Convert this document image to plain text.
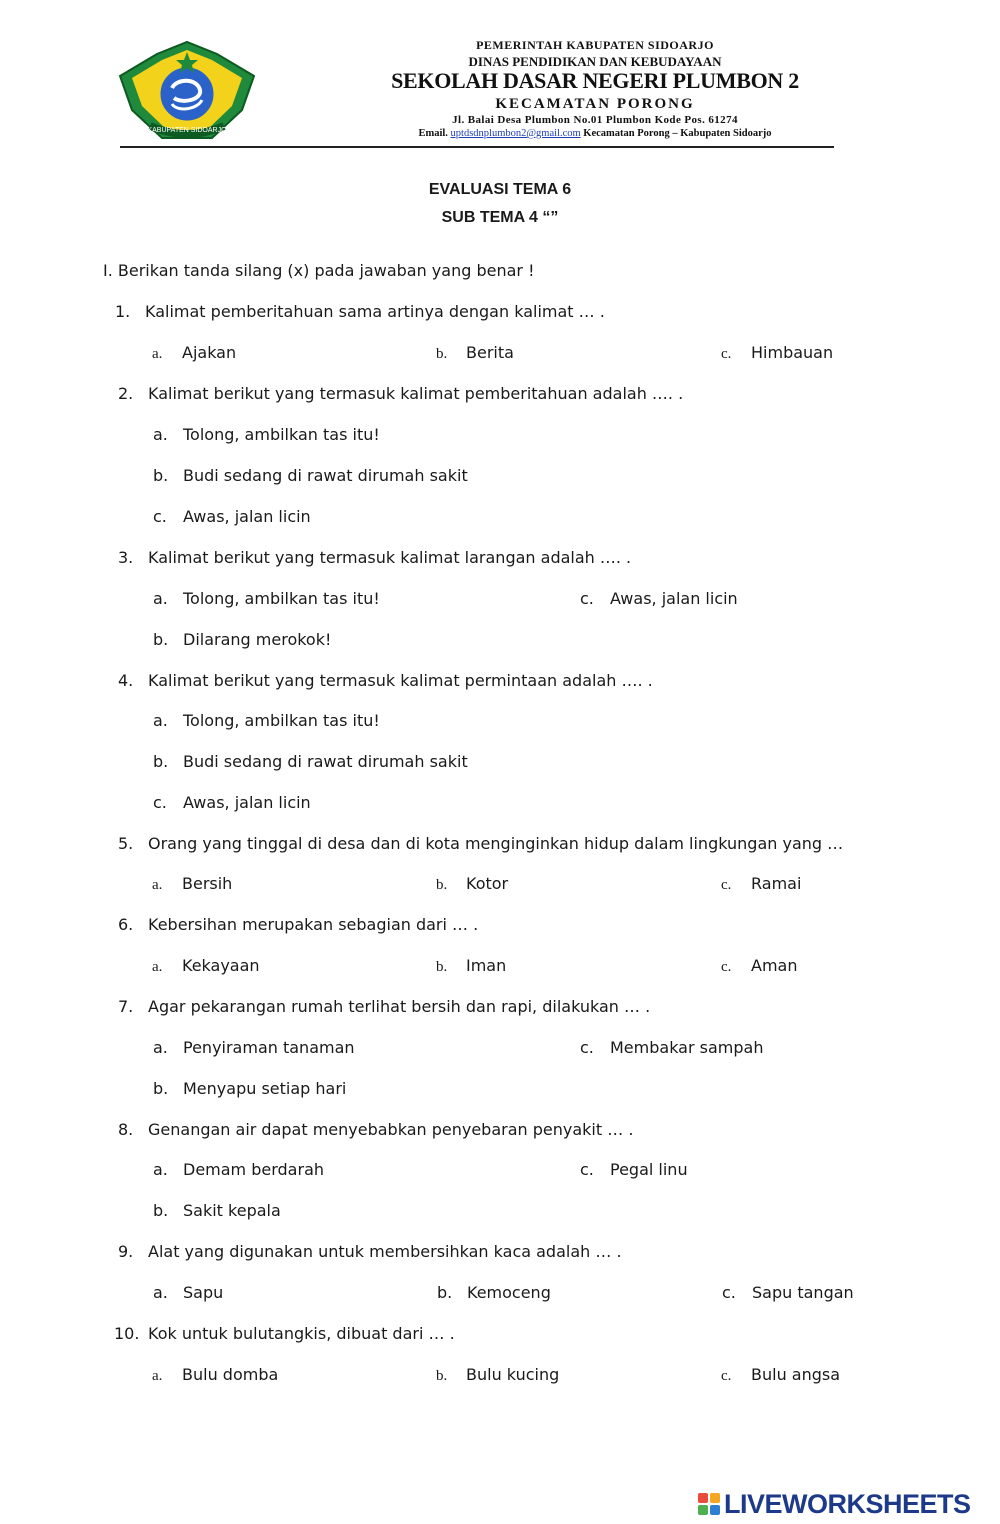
KABUPATEN SIDOARJO
PEMERINTAH KABUPATEN SIDOARJO
DINAS PENDIDIKAN DAN KEBUDAYAAN
SEKOLAH DASAR NEGERI PLUMBON 2
KECAMATAN PORONG
Jl. Balai Desa Plumbon No.01 Plumbon Kode Pos. 61274
Email. uptdsdnplumbon2@gmail.com Kecamatan Porong – Kabupaten Sidoarjo
EVALUASI TEMA 6
SUB TEMA 4 “”
I. Berikan tanda silang (x) pada jawaban yang benar !
1. Kalimat pemberitahuan sama artinya dengan kalimat … .
a. Ajakan	b. Berita	c. Himbauan
2. Kalimat berikut yang termasuk kalimat pemberitahuan adalah …. .
a. Tolong, ambilkan tas itu!
b. Budi sedang di rawat dirumah sakit
c. Awas, jalan licin
3. Kalimat berikut yang termasuk kalimat larangan adalah …. .
a. Tolong, ambilkan tas itu!	c. Awas, jalan licin
b. Dilarang merokok!
4. Kalimat berikut yang termasuk kalimat permintaan adalah …. .
a. Tolong, ambilkan tas itu!
b. Budi sedang di rawat dirumah sakit
c. Awas, jalan licin
5. Orang yang tinggal di desa dan di kota menginginkan hidup dalam lingkungan yang …
a. Bersih	b. Kotor	c. Ramai
6. Kebersihan merupakan sebagian dari … .
a. Kekayaan	b. Iman	c. Aman
7. Agar pekarangan rumah terlihat bersih dan rapi, dilakukan … .
a. Penyiraman tanaman	c. Membakar sampah
b. Menyapu setiap hari
8. Genangan air dapat menyebabkan penyebaran penyakit … .
a. Demam berdarah	c. Pegal linu
b. Sakit kepala
9. Alat yang digunakan untuk membersihkan kaca adalah … .
a. Sapu	b. Kemoceng	c. Sapu tangan
10. Kok untuk bulutangkis, dibuat dari … .
a. Bulu domba	b. Bulu kucing	c. Bulu angsa
LIVEWORKSHEETS
